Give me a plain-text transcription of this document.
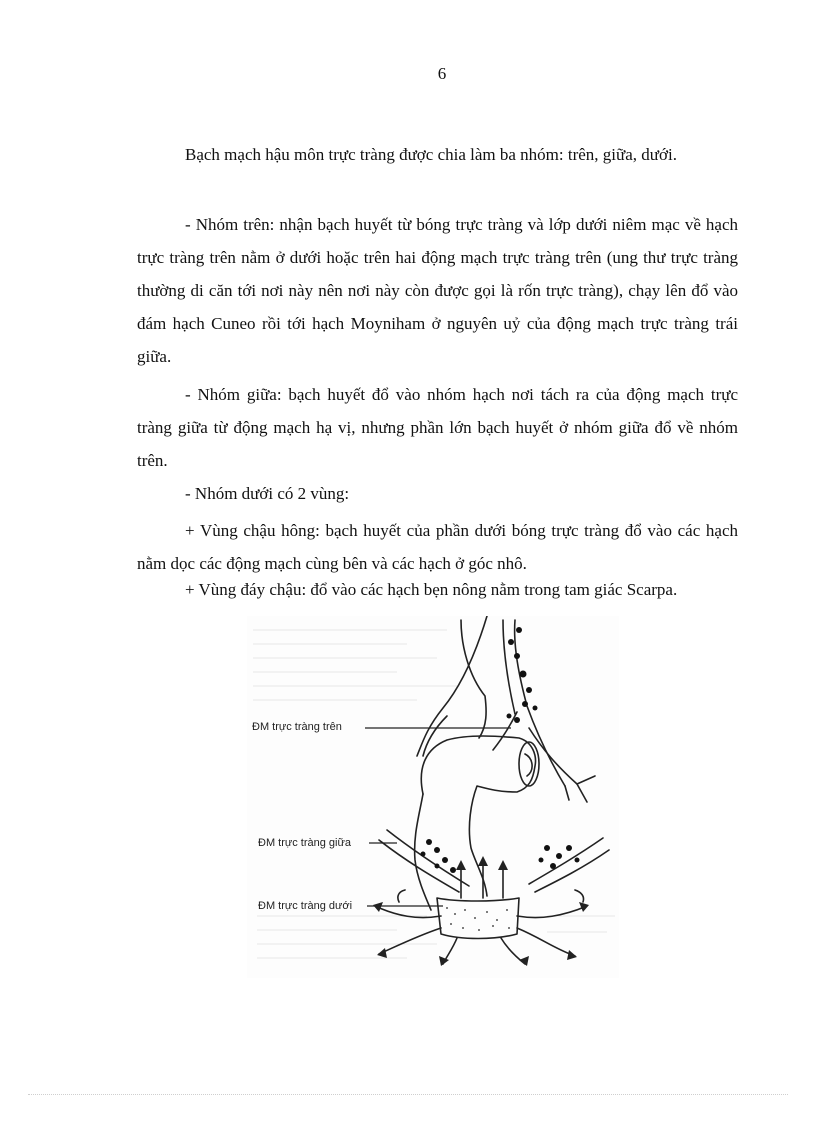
6

Bạch mạch hậu môn trực tràng được chia làm ba nhóm: trên, giữa, dưới.

- Nhóm trên: nhận bạch huyết từ bóng trực tràng và lớp dưới niêm mạc về hạch trực tràng trên nằm ở dưới hoặc trên hai động mạch trực tràng trên (ung thư trực tràng thường di căn tới nơi này nên nơi này còn được gọi là rốn trực tràng), chạy lên đổ vào đám hạch Cuneo rồi tới hạch Moyniham ở nguyên uỷ của động mạch trực tràng trái giữa.

- Nhóm giữa: bạch huyết đổ vào nhóm hạch nơi tách ra của động mạch trực tràng giữa từ động mạch hạ vị, nhưng phần lớn bạch huyết ở nhóm giữa đổ về nhóm trên.

- Nhóm dưới có 2 vùng:

+ Vùng chậu hông: bạch huyết của phần dưới bóng trực tràng đổ vào các hạch nằm dọc các động mạch cùng bên và các hạch ở góc nhô.

+ Vùng đáy chậu: đổ vào các hạch bẹn nông nằm trong tam giác Scarpa.
ĐM trực tràng trên
ĐM trực tràng giữa
ĐM trực tràng dưới
